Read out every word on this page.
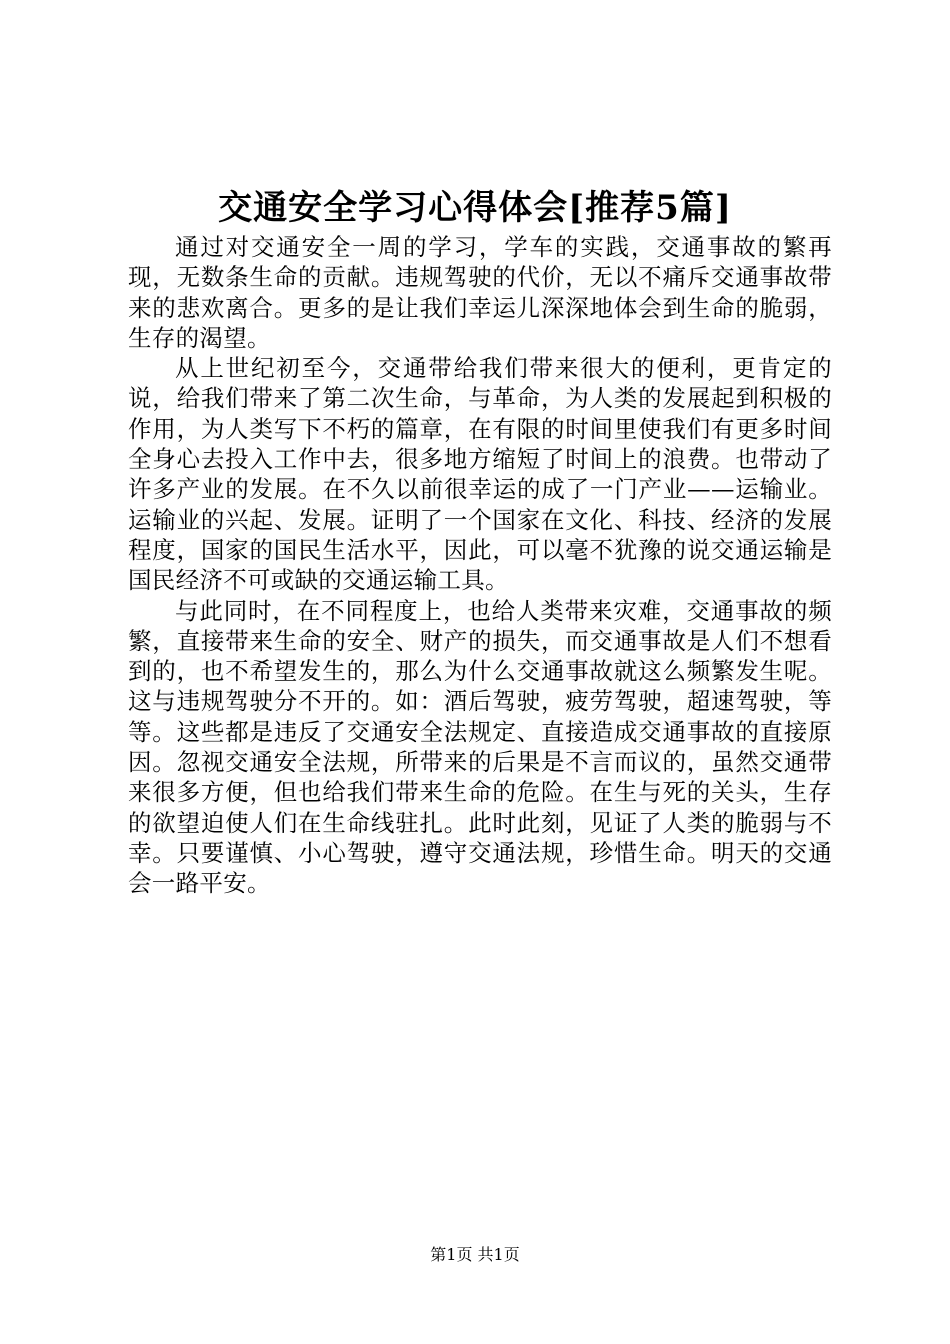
交通安全学习心得体会[推荐5篇]

通过对交通安全一周的学习，学车的实践，交通事故的繁再现，无数条生命的贡献。违规驾驶的代价，无以不痛斥交通事故带来的悲欢离合。更多的是让我们幸运儿深深地体会到生命的脆弱，生存的渴望。

从上世纪初至今，交通带给我们带来很大的便利，更肯定的说，给我们带来了第二次生命，与革命，为人类的发展起到积极的作用，为人类写下不朽的篇章，在有限的时间里使我们有更多时间全身心去投入工作中去，很多地方缩短了时间上的浪费。也带动了许多产业的发展。在不久以前很幸运的成了一门产业——运输业。运输业的兴起、发展。证明了一个国家在文化、科技、经济的发展程度，国家的国民生活水平，因此，可以毫不犹豫的说交通运输是国民经济不可或缺的交通运输工具。

与此同时，在不同程度上，也给人类带来灾难，交通事故的频繁，直接带来生命的安全、财产的损失，而交通事故是人们不想看到的，也不希望发生的，那么为什么交通事故就这么频繁发生呢。这与违规驾驶分不开的。如：酒后驾驶，疲劳驾驶，超速驾驶，等等。这些都是违反了交通安全法规定、直接造成交通事故的直接原因。忽视交通安全法规，所带来的后果是不言而议的，虽然交通带来很多方便，但也给我们带来生命的危险。在生与死的关头，生存的欲望迫使人们在生命线驻扎。此时此刻，见证了人类的脆弱与不幸。只要谨慎、小心驾驶，遵守交通法规，珍惜生命。明天的交通会一路平安。

第1页 共1页
